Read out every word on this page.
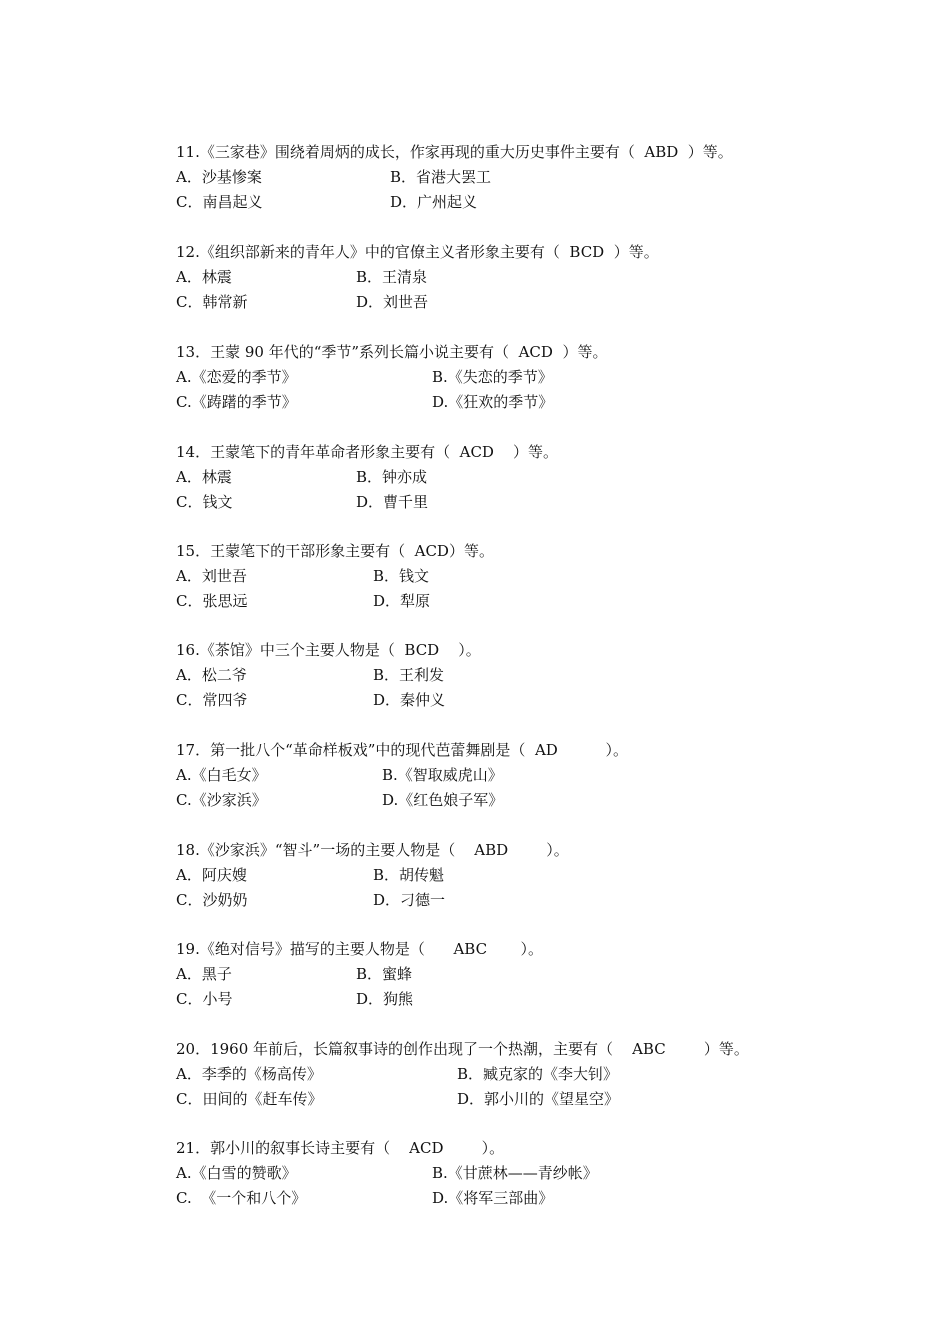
11.《三家巷》围绕着周炳的成长，作家再现的重大历史事件主要有（  ABD  ）等。

A．沙基惨案

	B．省港大罢工

C．南昌起义

	D．广州起义

12.《组织部新来的青年人》中的官僚主义者形象主要有（  BCD  ）等。

A．林震

	B．王清泉

C．韩常新

	D．刘世吾

13．王蒙 90 年代的“季节”系列长篇小说主要有（  ACD  ）等。

A.《恋爱的季节》

	B.《失恋的季节》

C.《踌躇的季节》

	D.《狂欢的季节》

14．王蒙笔下的青年革命者形象主要有（  ACD    ）等。

A．林震

	B．钟亦成

C．钱文

	D．曹千里

15．王蒙笔下的干部形象主要有（  ACD）等。

A．刘世吾

	B．钱文

C．张思远

	D．犁原

16.《茶馆》中三个主要人物是（  BCD    ）。

A．松二爷

	B．王利发

C．常四爷

	D．秦仲义

17．第一批八个“革命样板戏”中的现代芭蕾舞剧是（  AD          ）。

A.《白毛女》

	B.《智取威虎山》

C.《沙家浜》

	D.《红色娘子军》

18.《沙家浜》“智斗”一场的主要人物是（    ABD        ）。

A．阿庆嫂

	B．胡传魁

C．沙奶奶

	D．刁德一

19.《绝对信号》描写的主要人物是（      ABC       ）。

A．黑子

	B．蜜蜂

C．小号

	D．狗熊

20．1960 年前后，长篇叙事诗的创作出现了一个热潮，主要有（    ABC        ）等。

A．李季的《杨高传》

	B．臧克家的《李大钊》

C．田间的《赶车传》

	D．郭小川的《望星空》

21．郭小川的叙事长诗主要有（    ACD        ）。

A.《白雪的赞歌》

	B.《甘蔗林——青纱帐》

C.  《一个和八个》

	D.《将军三部曲》
